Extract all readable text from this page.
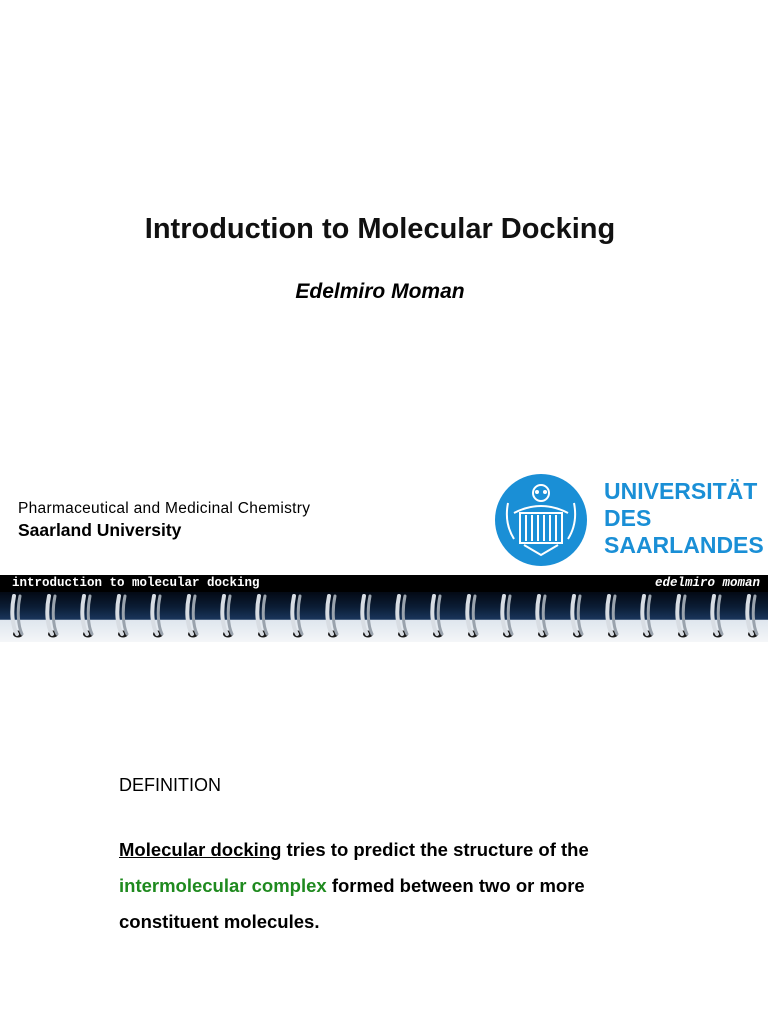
Introduction to Molecular Docking
Edelmiro Moman
Pharmaceutical and Medicinal Chemistry
Saarland University
UNIVERSITÄT
DES
SAARLANDES
introduction to molecular docking	edelmiro moman
DEFINITION
Molecular docking tries to predict the structure of the
intermolecular complex formed between two or more
constituent molecules.
